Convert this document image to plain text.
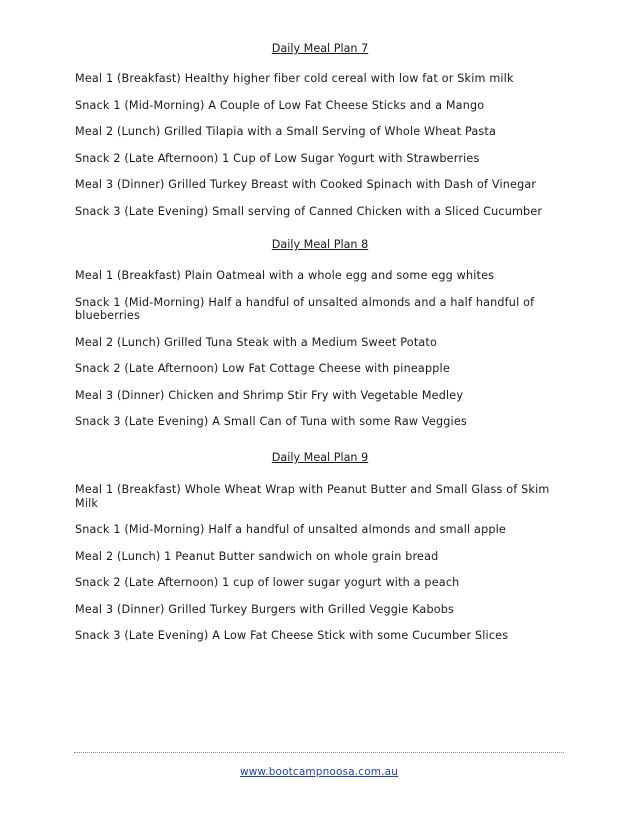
Daily Meal Plan 7
Meal 1 (Breakfast) Healthy higher fiber cold cereal with low fat or Skim milk
Snack 1 (Mid-Morning) A Couple of Low Fat Cheese Sticks and a Mango
Meal 2 (Lunch) Grilled Tilapia with a Small Serving of Whole Wheat Pasta
Snack 2 (Late Afternoon) 1 Cup of Low Sugar Yogurt with Strawberries
Meal 3 (Dinner) Grilled Turkey Breast with Cooked Spinach with Dash of Vinegar
Snack 3 (Late Evening) Small serving of Canned Chicken with a Sliced Cucumber
Daily Meal Plan 8
Meal 1 (Breakfast) Plain Oatmeal with a whole egg and some egg whites
Snack 1 (Mid-Morning) Half a handful of unsalted almonds and a half handful of blueberries
Meal 2 (Lunch) Grilled Tuna Steak with a Medium Sweet Potato
Snack 2 (Late Afternoon) Low Fat Cottage Cheese with pineapple
Meal 3 (Dinner) Chicken and Shrimp Stir Fry with Vegetable Medley
Snack 3 (Late Evening) A Small Can of Tuna with some Raw Veggies
Daily Meal Plan 9
Meal 1 (Breakfast) Whole Wheat Wrap with Peanut Butter and Small Glass of Skim Milk
Snack 1 (Mid-Morning) Half a handful of unsalted almonds and small apple
Meal 2 (Lunch) 1 Peanut Butter sandwich on whole grain bread
Snack 2 (Late Afternoon) 1 cup of lower sugar yogurt with a peach
Meal 3 (Dinner) Grilled Turkey Burgers with Grilled Veggie Kabobs
Snack 3 (Late Evening) A Low Fat Cheese Stick with some Cucumber Slices
www.bootcampnoosa.com.au
